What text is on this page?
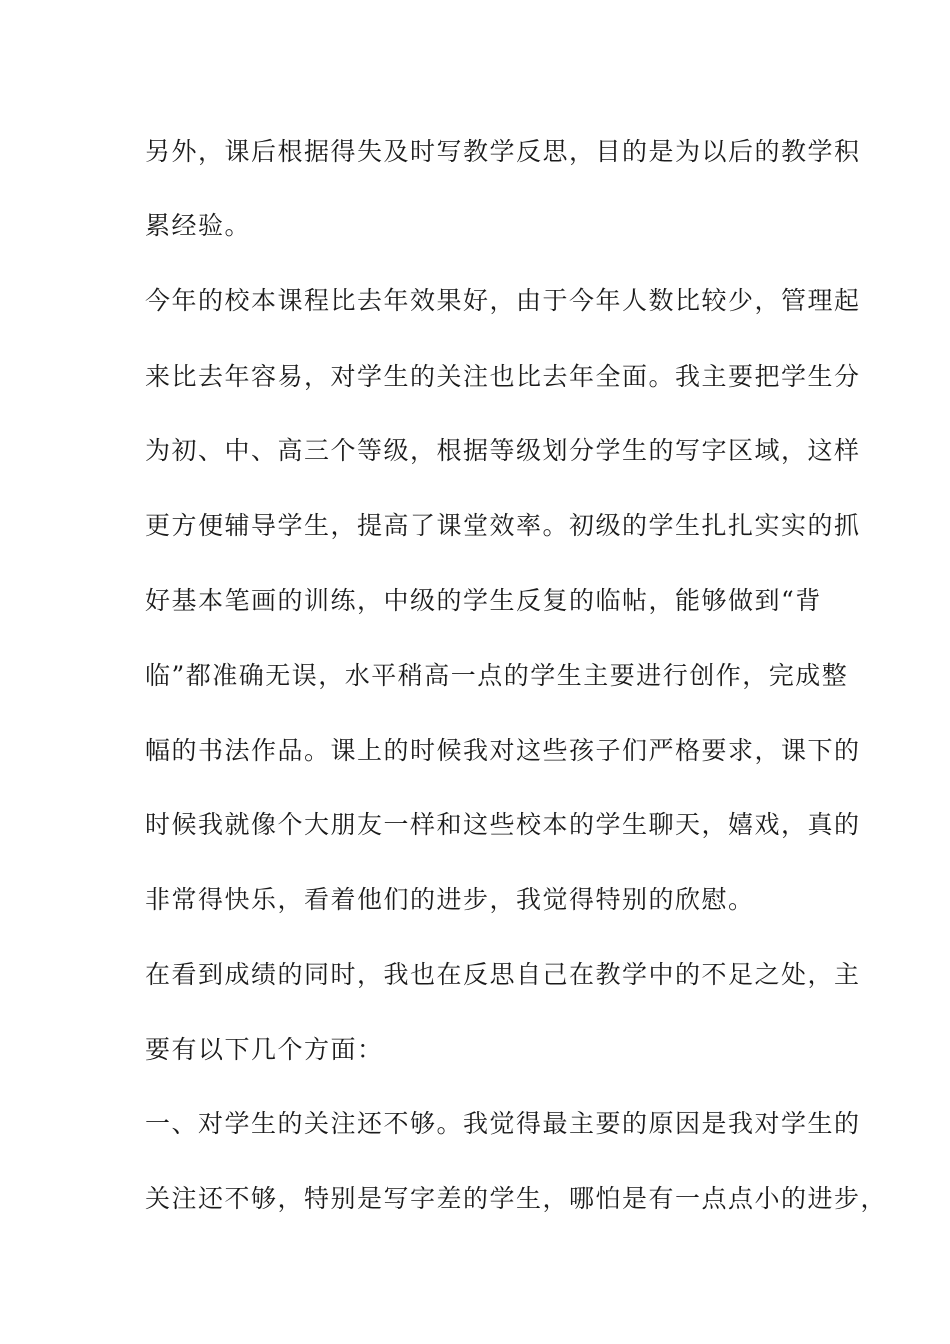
另外，课后根据得失及时写教学反思，目的是为以后的教学积
累经验。
今年的校本课程比去年效果好，由于今年人数比较少，管理起
来比去年容易，对学生的关注也比去年全面。我主要把学生分
为初、中、高三个等级，根据等级划分学生的写字区域，这样
更方便辅导学生，提高了课堂效率。初级的学生扎扎实实的抓
好基本笔画的训练，中级的学生反复的临帖，能够做到“背
临”都准确无误，水平稍高一点的学生主要进行创作，完成整
幅的书法作品。课上的时候我对这些孩子们严格要求，课下的
时候我就像个大朋友一样和这些校本的学生聊天，嬉戏，真的
非常得快乐，看着他们的进步，我觉得特别的欣慰。
在看到成绩的同时，我也在反思自己在教学中的不足之处，主
要有以下几个方面：
一、对学生的关注还不够。我觉得最主要的原因是我对学生的
关注还不够，特别是写字差的学生，哪怕是有一点点小的进步，
